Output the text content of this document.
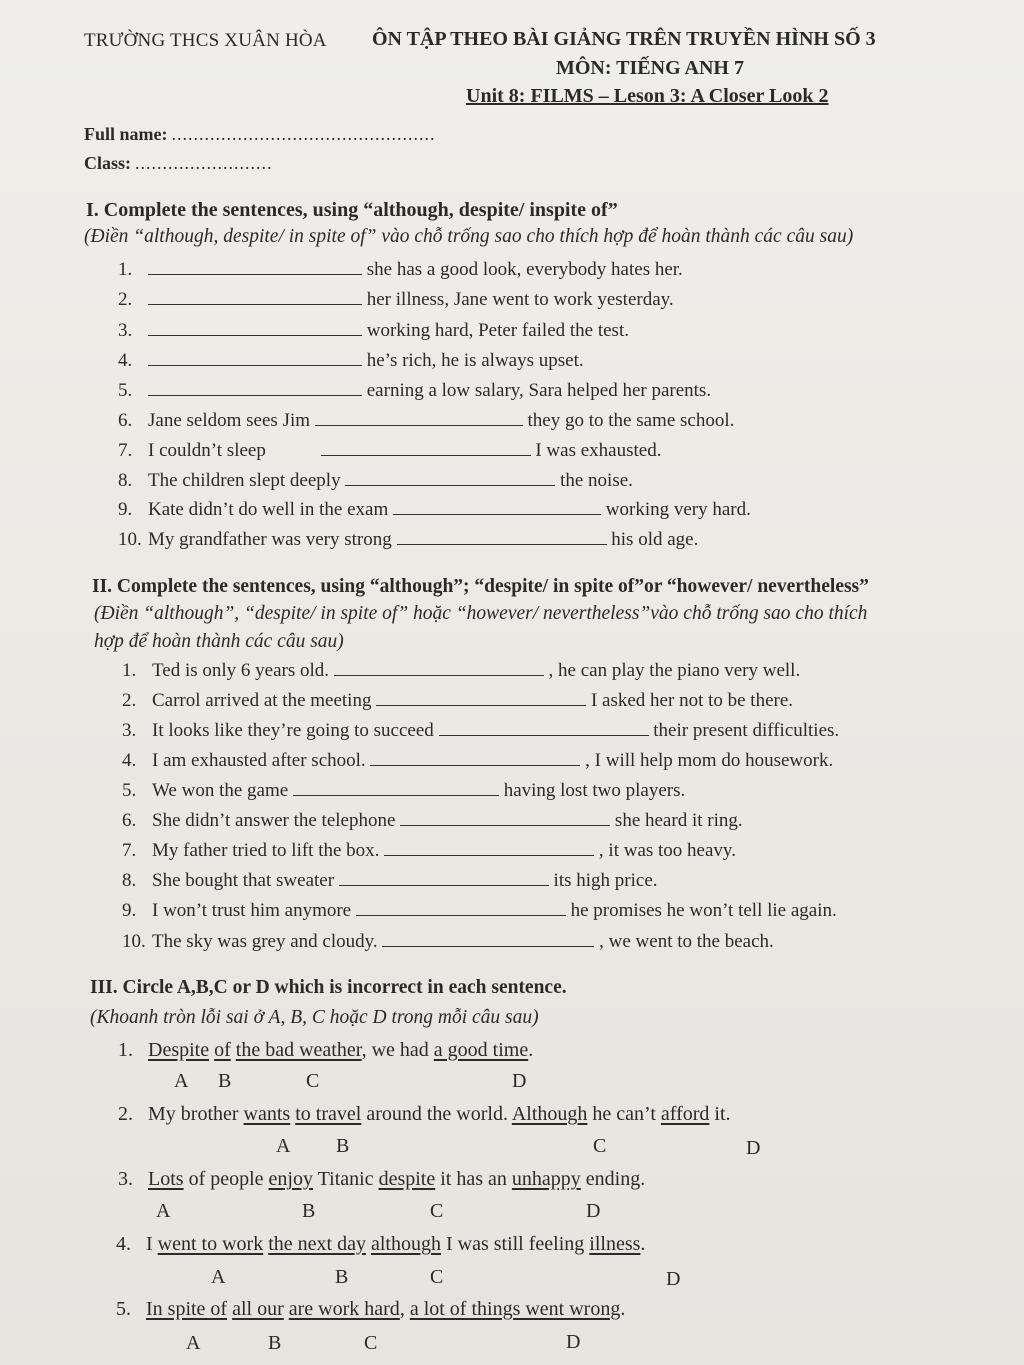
TRƯỜNG THCS XUÂN HÒA ÔN TẬP THEO BÀI GIẢNG TRÊN TRUYỀN HÌNH SỐ 3
MÔN: TIẾNG ANH 7
Unit 8: FILMS – Leson 3: A Closer Look 2
Full name: ................................................
Class: .........................
I. Complete the sentences, using “although, despite/ inspite of”
(Điền “although, despite/ in spite of” vào chỗ trống sao cho thích hợp để hoàn thành các câu sau)
1.	she has a good look, everybody hates her.
2.	her illness, Jane went to work yesterday.
3.	working hard, Peter failed the test.
4.	he’s rich, he is always upset.
5.	earning a low salary, Sara helped her parents.
6. Jane seldom sees Jim	they go to the same school.
7. I couldn’t sleep	I was exhausted.
8. The children slept deeply	the noise.
9. Kate didn’t do well in the exam	working very hard.
10. My grandfather was very strong	his old age.
II. Complete the sentences, using “although”; “despite/ in spite of”or “however/ nevertheless”
(Điền “although”, “despite/ in spite of” hoặc “however/ nevertheless”vào chỗ trống sao cho thích
hợp để hoàn thành các câu sau)
1. Ted is only 6 years old.	, he can play the piano very well.
2. Carrol arrived at the meeting	I asked her not to be there.
3. It looks like they’re going to succeed	their present difficulties.
4. I am exhausted after school.	, I will help mom do housework.
5. We won the game	having lost two players.
6. She didn’t answer the telephone	she heard it ring.
7. My father tried to lift the box.	, it was too heavy.
8. She bought that sweater	its high price.
9. I won’t trust him anymore	he promises he won’t tell lie again.
10. The sky was grey and cloudy.	, we went to the beach.
III. Circle A,B,C or D which is incorrect in each sentence.
(Khoanh tròn lỗi sai ở A, B, C hoặc D trong mỗi câu sau)
1. Despite of the bad weather, we had a good time.
A B	C	D
2. My brother wants to travel around the world. Although he can’t afford it.
A B	C	D
3. Lots of people enjoy Titanic despite it has an unhappy ending.
A	B	C	D
4. I went to work the next day although I was still feeling illness.
A	B	C	D
5. In spite of all our are work hard, a lot of things went wrong.
A	B	C	D
